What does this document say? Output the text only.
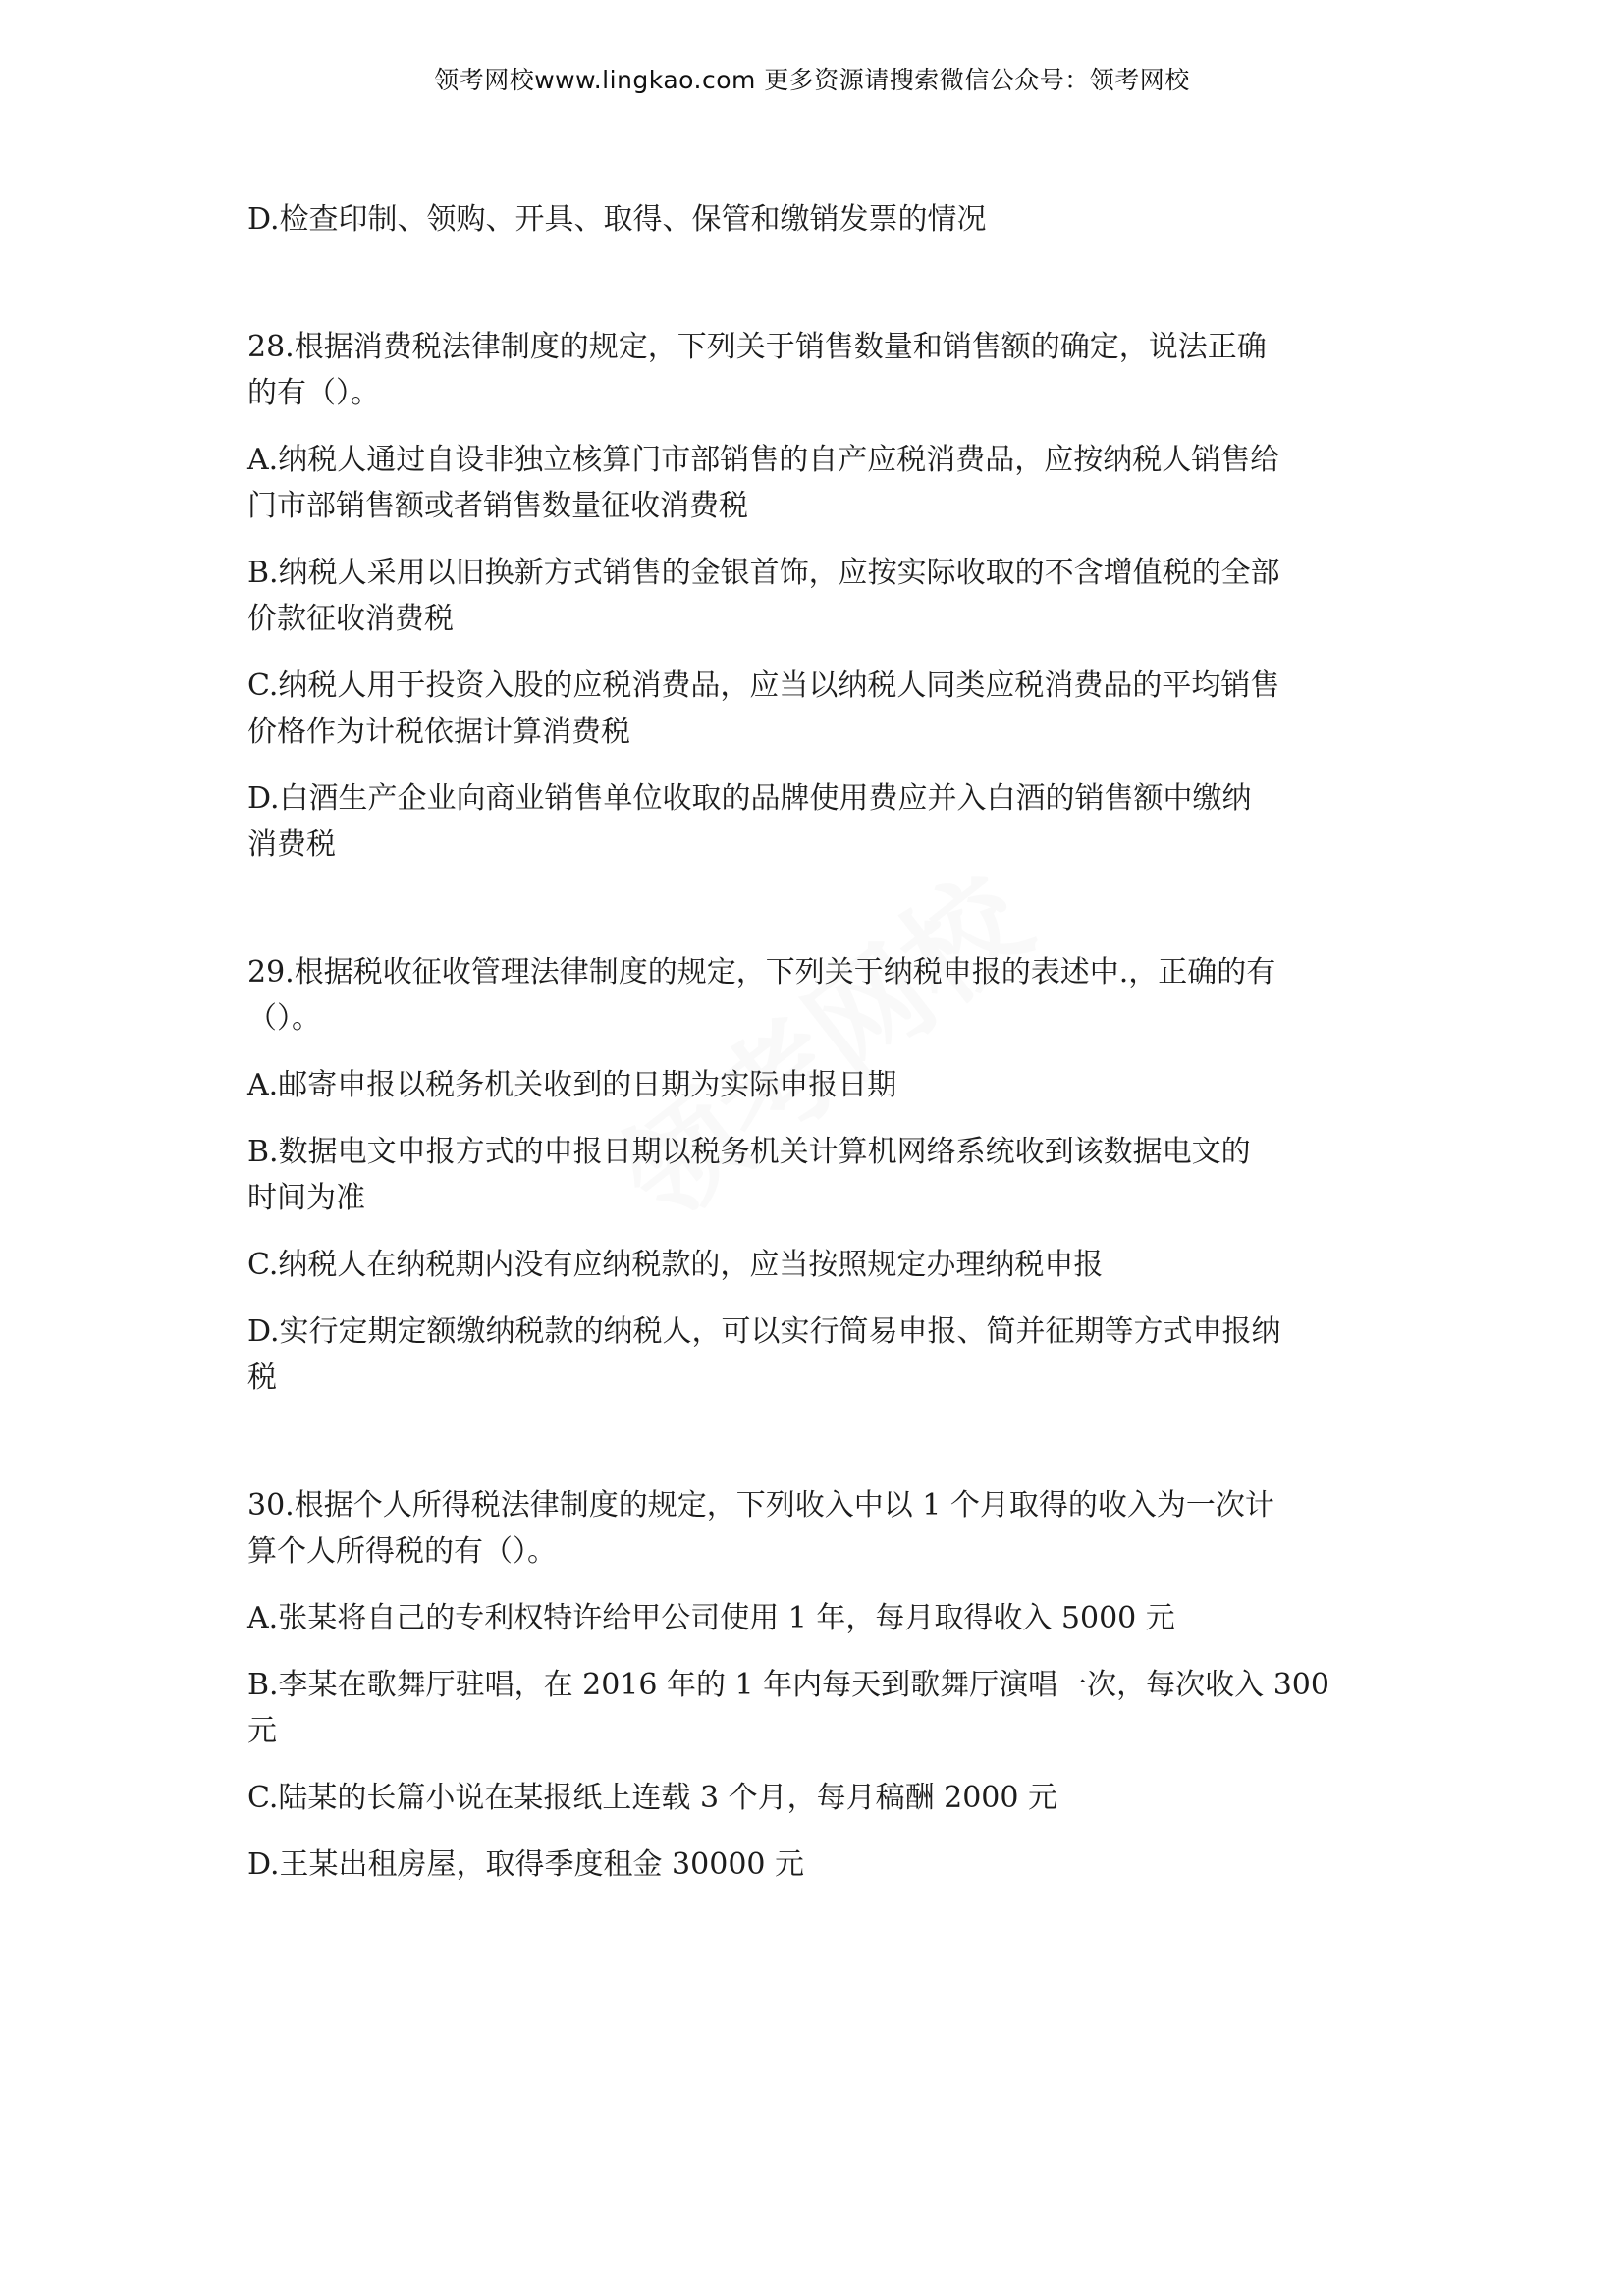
领考网校www.lingkao.com 更多资源请搜索微信公众号：领考网校

D.检查印制、领购、开具、取得、保管和缴销发票的情况

28.根据消费税法律制度的规定，下列关于销售数量和销售额的确定，说法正确

的有（）。

A.纳税人通过自设非独立核算门市部销售的自产应税消费品，应按纳税人销售给

门市部销售额或者销售数量征收消费税

B.纳税人采用以旧换新方式销售的金银首饰，应按实际收取的不含增值税的全部

价款征收消费税

C.纳税人用于投资入股的应税消费品，应当以纳税人同类应税消费品的平均销售

价格作为计税依据计算消费税

D.白酒生产企业向商业销售单位收取的品牌使用费应并入白酒的销售额中缴纳

消费税

29.根据税收征收管理法律制度的规定，下列关于纳税申报的表述中.，正确的有

（）。

A.邮寄申报以税务机关收到的日期为实际申报日期

B.数据电文申报方式的申报日期以税务机关计算机网络系统收到该数据电文的

时间为准

C.纳税人在纳税期内没有应纳税款的，应当按照规定办理纳税申报

D.实行定期定额缴纳税款的纳税人，可以实行简易申报、简并征期等方式申报纳

税

30.根据个人所得税法律制度的规定，下列收入中以 1 个月取得的收入为一次计

算个人所得税的有（）。

A.张某将自己的专利权特许给甲公司使用 1 年，每月取得收入 5000 元

B.李某在歌舞厅驻唱，在 2016 年的 1 年内每天到歌舞厅演唱一次，每次收入 300

元

C.陆某的长篇小说在某报纸上连载 3 个月，每月稿酬 2000 元

D.王某出租房屋，取得季度租金 30000 元
